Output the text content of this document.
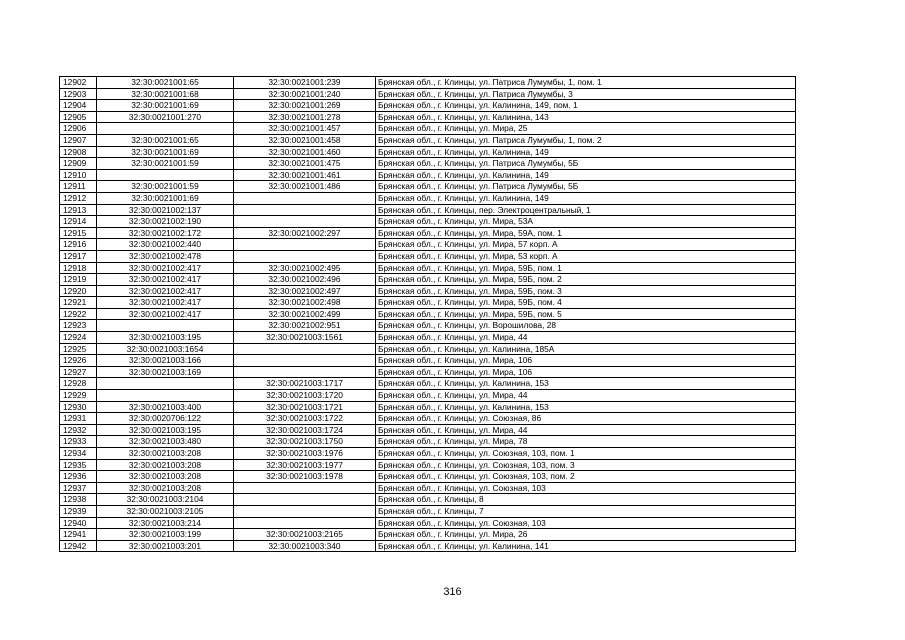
12902	32:30:0021001:65	32:30:0021001:239	Брянская обл., г. Клинцы, ул. Патриса Лумумбы, 1, пом. 1
12903	32:30:0021001:68	32:30:0021001:240	Брянская обл., г. Клинцы, ул. Патриса Лумумбы, 3
12904	32:30:0021001:69	32:30:0021001:269	Брянская обл., г. Клинцы, ул. Калинина, 149, пом. 1
12905	32:30:0021001:270	32:30:0021001:278	Брянская обл., г. Клинцы, ул. Калинина, 143
12906		32:30:0021001:457	Брянская обл., г. Клинцы, ул. Мира, 25
12907	32:30:0021001:65	32:30:0021001:458	Брянская обл., г. Клинцы, ул. Патриса Лумумбы, 1, пом. 2
12908	32:30:0021001:69	32:30:0021001:460	Брянская обл., г. Клинцы, ул. Калинина, 149
12909	32:30:0021001:59	32:30:0021001:475	Брянская обл., г. Клинцы, ул. Патриса Лумумбы, 5Б
12910		32:30:0021001:461	Брянская обл., г. Клинцы, ул. Калинина, 149
12911	32:30:0021001:59	32:30:0021001:486	Брянская обл., г. Клинцы, ул. Патриса Лумумбы, 5Б
12912	32:30:0021001:69		Брянская обл., г. Клинцы, ул. Калинина, 149
12913	32:30:0021002:137		Брянская обл., г. Клинцы, пер. Электроцентральный, 1
12914	32:30:0021002:190		Брянская обл., г. Клинцы, ул. Мира, 53А
12915	32:30:0021002:172	32:30:0021002:297	Брянская обл., г. Клинцы, ул. Мира, 59А, пом. 1
12916	32:30:0021002:440		Брянская обл., г. Клинцы, ул. Мира, 57 корп. А
12917	32:30:0021002:478		Брянская обл., г. Клинцы, ул. Мира, 53 корп. А
12918	32:30:0021002:417	32:30:0021002:495	Брянская обл., г. Клинцы, ул. Мира, 59Б, пом. 1
12919	32:30:0021002:417	32:30:0021002:496	Брянская обл., г. Клинцы, ул. Мира, 59Б, пом. 2
12920	32:30:0021002:417	32:30:0021002:497	Брянская обл., г. Клинцы, ул. Мира, 59Б, пом. 3
12921	32:30:0021002:417	32:30:0021002:498	Брянская обл., г. Клинцы, ул. Мира, 59Б, пом. 4
12922	32:30:0021002:417	32:30:0021002:499	Брянская обл., г. Клинцы, ул. Мира, 59Б, пом. 5
12923		32:30:0021002:951	Брянская обл., г. Клинцы, ул. Ворошилова, 28
12924	32:30:0021003:195	32:30:0021003:1561	Брянская обл., г. Клинцы, ул. Мира, 44
12925	32:30:0021003:1654		Брянская обл., г. Клинцы, ул. Калинина, 185А
12926	32:30:0021003:166		Брянская обл., г. Клинцы, ул. Мира, 106
12927	32:30:0021003:169		Брянская обл., г. Клинцы, ул. Мира, 106
12928		32:30:0021003:1717	Брянская обл., г. Клинцы, ул. Калинина, 153
12929		32:30:0021003:1720	Брянская обл., г. Клинцы, ул. Мира, 44
12930	32:30:0021003:400	32:30:0021003:1721	Брянская обл., г. Клинцы, ул. Калинина, 153
12931	32:30:0020706:122	32:30:0021003:1722	Брянская обл., г. Клинцы, ул. Союзная, 86
12932	32:30:0021003:195	32:30:0021003:1724	Брянская обл., г. Клинцы, ул. Мира, 44
12933	32:30:0021003:480	32:30:0021003:1750	Брянская обл., г. Клинцы, ул. Мира, 78
12934	32:30:0021003:208	32:30:0021003:1976	Брянская обл., г. Клинцы, ул. Союзная, 103, пом. 1
12935	32:30:0021003:208	32:30:0021003:1977	Брянская обл., г. Клинцы, ул. Союзная, 103, пом. 3
12936	32:30:0021003:208	32:30:0021003:1978	Брянская обл., г. Клинцы, ул. Союзная, 103, пом. 2
12937	32:30:0021003:208		Брянская обл., г. Клинцы, ул. Союзная, 103
12938	32:30:0021003:2104		Брянская обл., г. Клинцы, 8
12939	32:30:0021003:2105		Брянская обл., г. Клинцы, 7
12940	32:30:0021003:214		Брянская обл., г. Клинцы, ул. Союзная, 103
12941	32:30:0021003:199	32:30:0021003:2165	Брянская обл., г. Клинцы, ул. Мира, 26
12942	32:30:0021003:201	32:30:0021003:340	Брянская обл., г. Клинцы, ул. Калинина, 141
316
